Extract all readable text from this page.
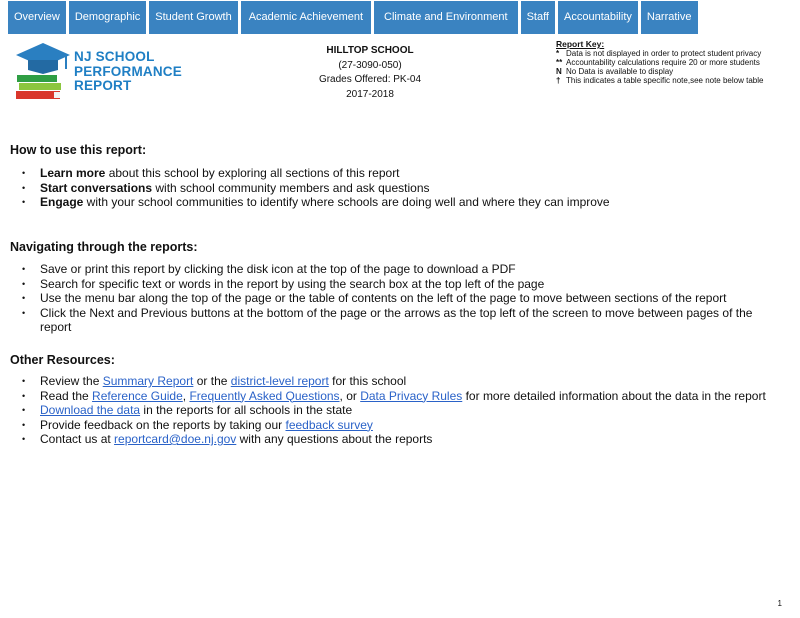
Overview	Demographic	Student Growth	Academic Achievement	Climate and Environment	Staff	Accountability	Narrative
NJ SCHOOL
PERFORMANCE
REPORT
HILLTOP SCHOOL
(27-3090-050)
Grades Offered: PK-04
2017-2018
Report Key:
* Data is not displayed in order to protect student privacy
** Accountability calculations require 20 or more students
N No Data is available to display
† This indicates a table specific note,see note below table
How to use this report:
• Learn more about this school by exploring all sections of this report
• Start conversations with school community members and ask questions
• Engage with your school communities to identify where schools are doing well and where they can improve
Navigating through the reports:
• Save or print this report by clicking the disk icon at the top of the page to download a PDF
• Search for specific text or words in the report by using the search box at the top left of the page
• Use the menu bar along the top of the page or the table of contents on the left of the page to move between sections of the report
• Click the Next and Previous buttons at the bottom of the page or the arrows as the top left of the screen to move between pages of the report
Other Resources:
• Review the Summary Report or the district-level report for this school
• Read the Reference Guide, Frequently Asked Questions, or Data Privacy Rules for more detailed information about the data in the report
• Download the data in the reports for all schools in the state
• Provide feedback on the reports by taking our feedback survey
• Contact us at reportcard@doe.nj.gov with any questions about the reports
1
